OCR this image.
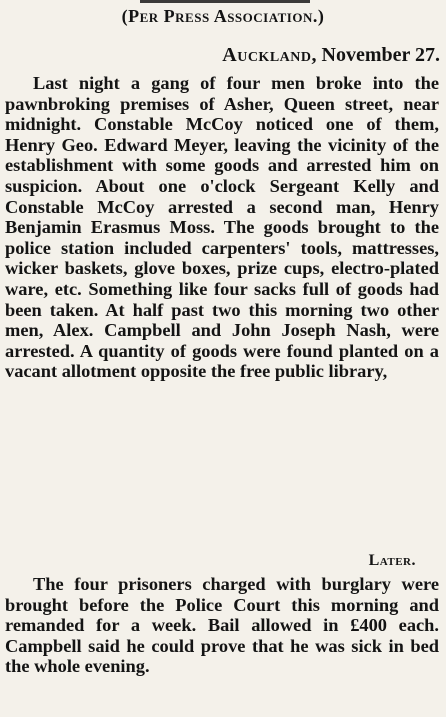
(Per Press Association.)
Auckland, November 27.

Last night a gang of four men broke into the pawnbroking premises of Asher, Queen street, near midnight. Constable McCoy noticed one of them, Henry Geo. Edward Meyer, leaving the vicinity of the establishment with some goods and arrested him on suspicion. About one o'clock Sergeant Kelly and Constable McCoy arrested a second man, Henry Benjamin Erasmus Moss. The goods brought to the police station included carpenters' tools, mattresses, wicker baskets, glove boxes, prize cups, electro-plated ware, etc. Something like four sacks full of goods had been taken. At half past two this morning two other men, Alex. Campbell and John Joseph Nash, were arrested. A quantity of goods were found planted on a vacant allotment opposite the free public library,

Later.

The four prisoners charged with burglary were brought before the Police Court this morning and remanded for a week. Bail allowed in £400 each. Campbell said he could prove that he was sick in bed the whole evening.
